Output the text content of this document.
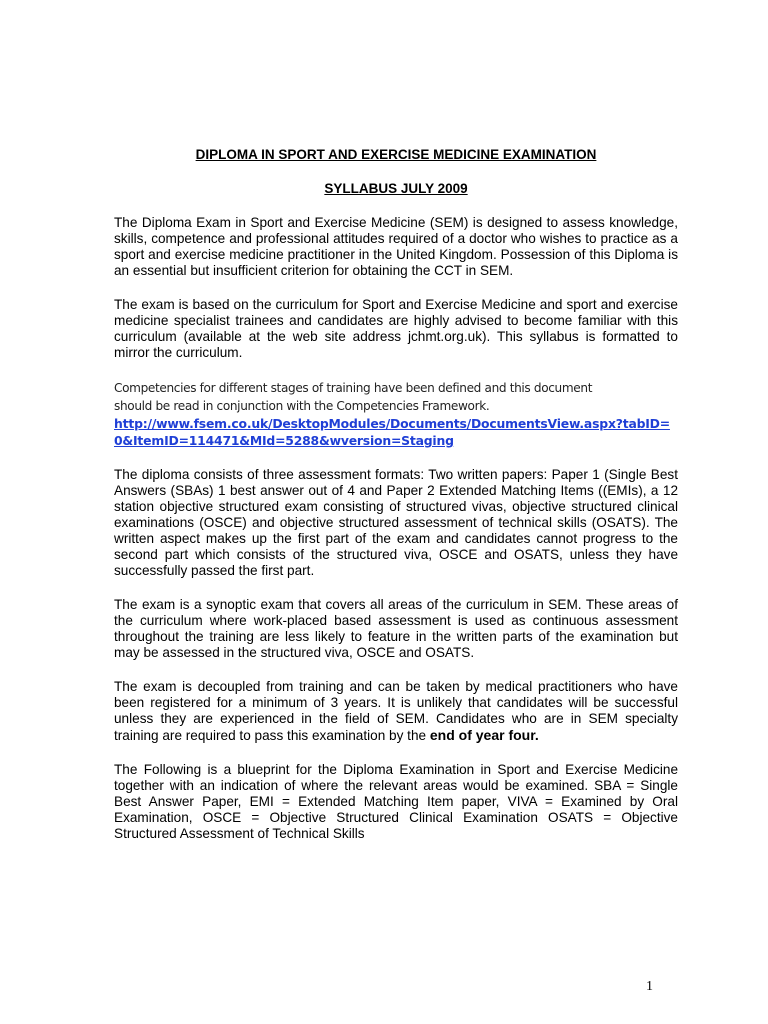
DIPLOMA IN SPORT AND EXERCISE MEDICINE EXAMINATION
SYLLABUS JULY 2009

The Diploma Exam in Sport and Exercise Medicine (SEM) is designed to assess knowledge, skills, competence and professional attitudes required of a doctor who wishes to practice as a sport and exercise medicine practitioner in the United Kingdom. Possession of this Diploma is an essential but insufficient criterion for obtaining the CCT in SEM.

The exam is based on the curriculum for Sport and Exercise Medicine and sport and exercise medicine specialist trainees and candidates are highly advised to become familiar with this curriculum (available at the web site address jchmt.org.uk). This syllabus is formatted to mirror the curriculum.

Competencies for different stages of training have been defined and this document
should be read in conjunction with the Competencies Framework.
http://www.fsem.co.uk/DesktopModules/Documents/DocumentsView.aspx?tabID=0&ItemID=114471&MId=5288&wversion=Staging

The diploma consists of three assessment formats: Two written papers: Paper 1 (Single Best Answers (SBAs) 1 best answer out of 4 and Paper 2 Extended Matching Items ((EMIs), a 12 station objective structured exam consisting of structured vivas, objective structured clinical examinations (OSCE) and objective structured assessment of technical skills (OSATS). The written aspect makes up the first part of the exam and candidates cannot progress to the second part which consists of the structured viva, OSCE and OSATS, unless they have successfully passed the first part.

The exam is a synoptic exam that covers all areas of the curriculum in SEM. These areas of the curriculum where work-placed based assessment is used as continuous assessment throughout the training are less likely to feature in the written parts of the examination but may be assessed in the structured viva, OSCE and OSATS.

The exam is decoupled from training and can be taken by medical practitioners who have been registered for a minimum of 3 years. It is unlikely that candidates will be successful unless they are experienced in the field of SEM. Candidates who are in SEM specialty training are required to pass this examination by the end of year four.

The Following is a blueprint for the Diploma Examination in Sport and Exercise Medicine together with an indication of where the relevant areas would be examined. SBA = Single Best Answer Paper, EMI = Extended Matching Item paper, VIVA = Examined by Oral Examination, OSCE = Objective Structured Clinical Examination OSATS = Objective Structured Assessment of Technical Skills

1
